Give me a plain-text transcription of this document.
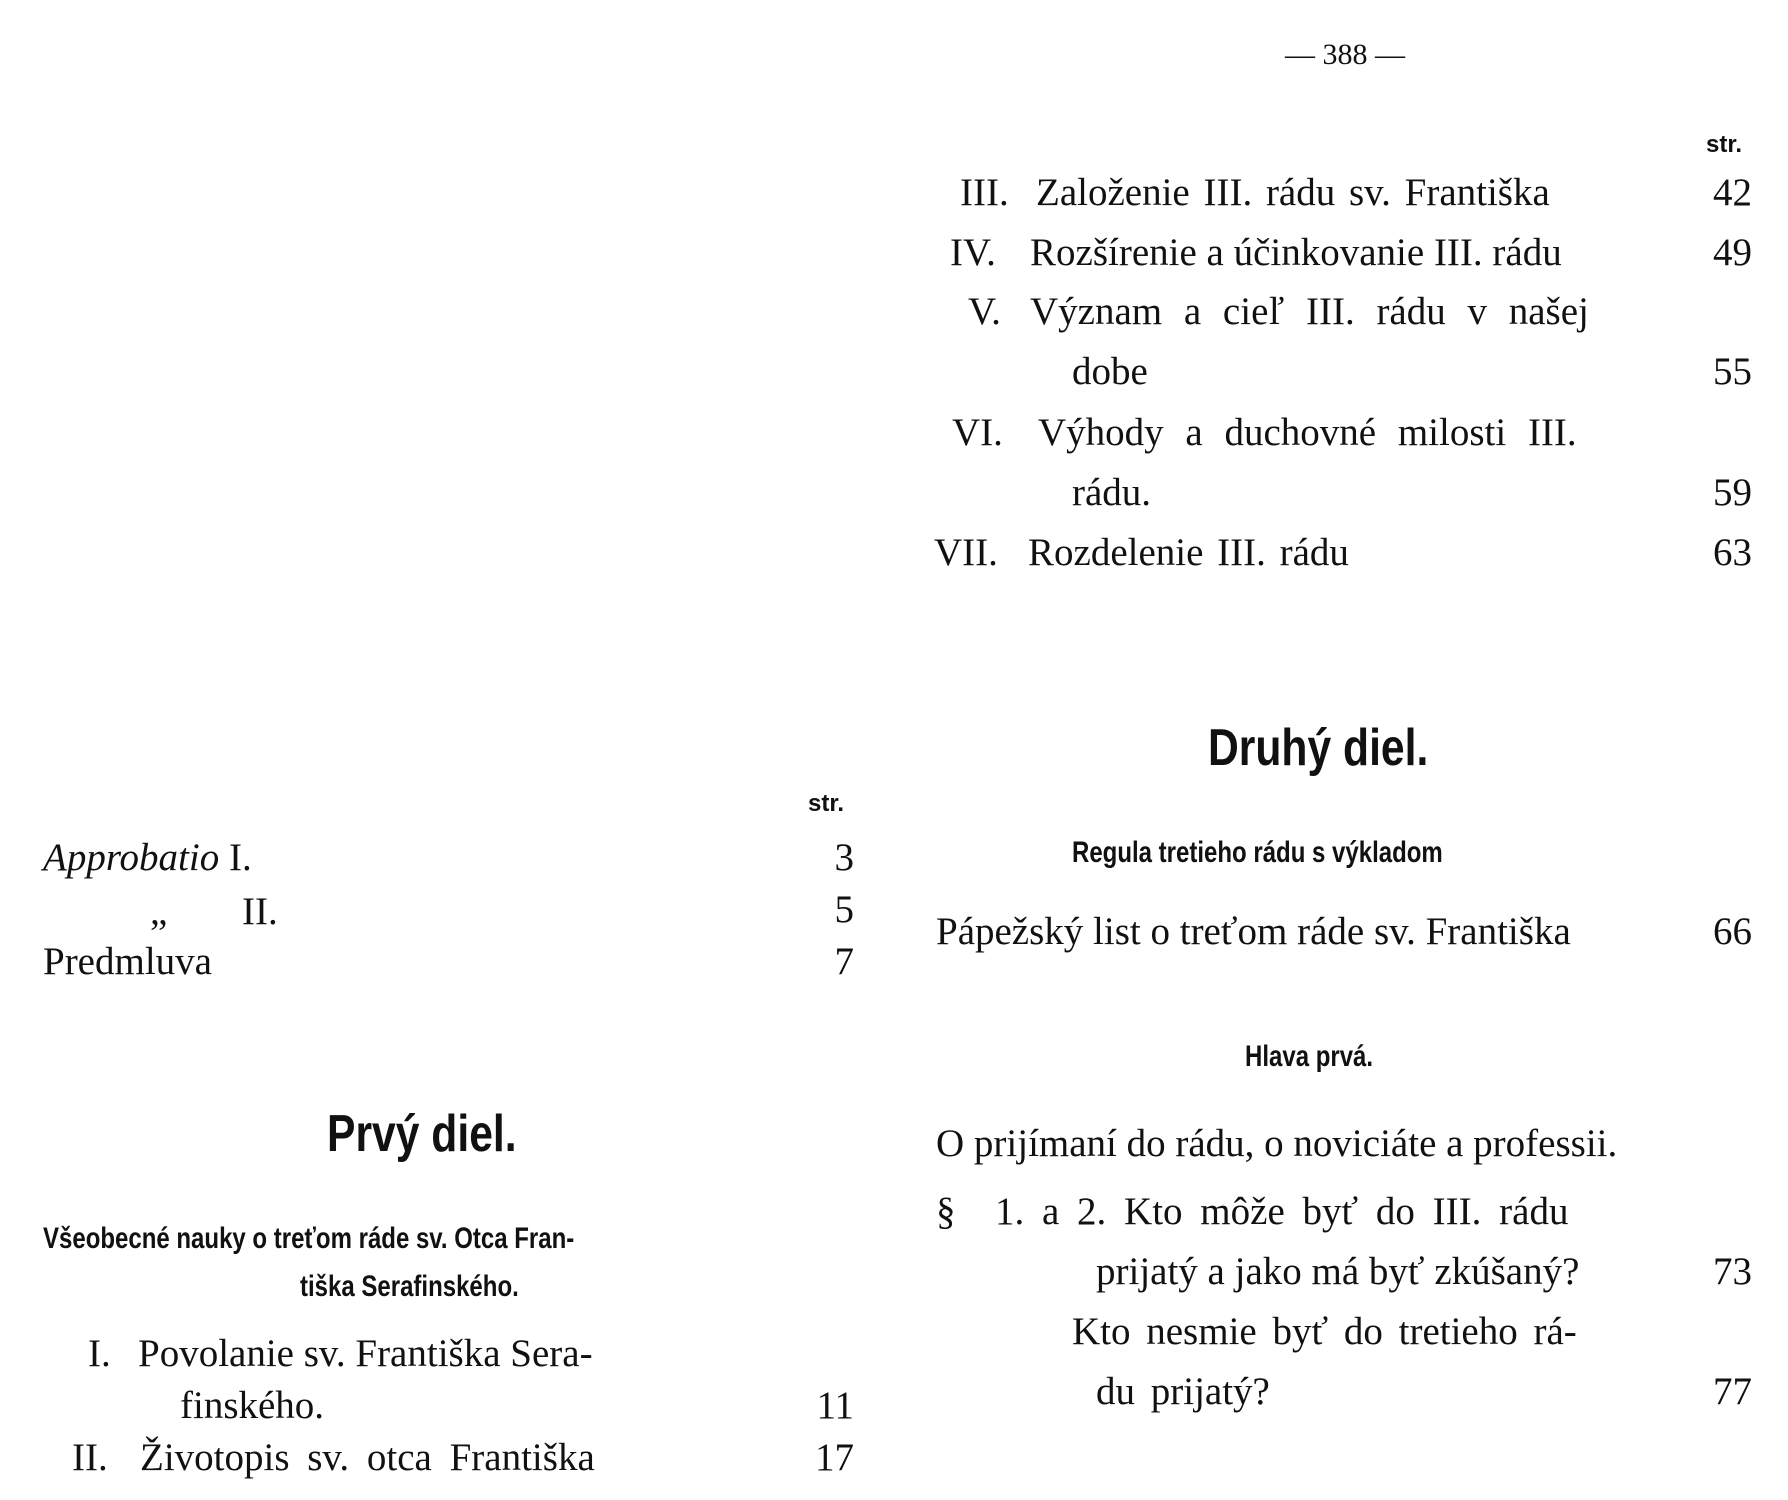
— 388 —
str.
Approbatio I.	3
„ II.	5
Predmluva	7
Prvý diel.
Všeobecné nauky o treťom ráde sv. Otca Fran-
tiška Serafinského.
I. Povolanie sv. Františka Sera-
finského.	11
II. Životopis sv. otca Františka	17
str.
III. Založenie III. rádu sv. Františka	42
IV. Rozšírenie a účinkovanie III. rádu	49
V. Význam a cieľ III. rádu v našej
dobe	55
VI. Výhody a duchovné milosti III.
rádu.	59
VII. Rozdelenie III. rádu	63
Druhý diel.
Regula tretieho rádu s výkladom
Pápežský list o treťom ráde sv. Františka	66
Hlava prvá.
O prijímaní do rádu, o noviciáte a professii.
§ 1. a 2. Kto môže byť do III. rádu
prijatý a jako má byť zkúšaný?	73
Kto nesmie byť do tretieho rá-
du prijatý?	77
